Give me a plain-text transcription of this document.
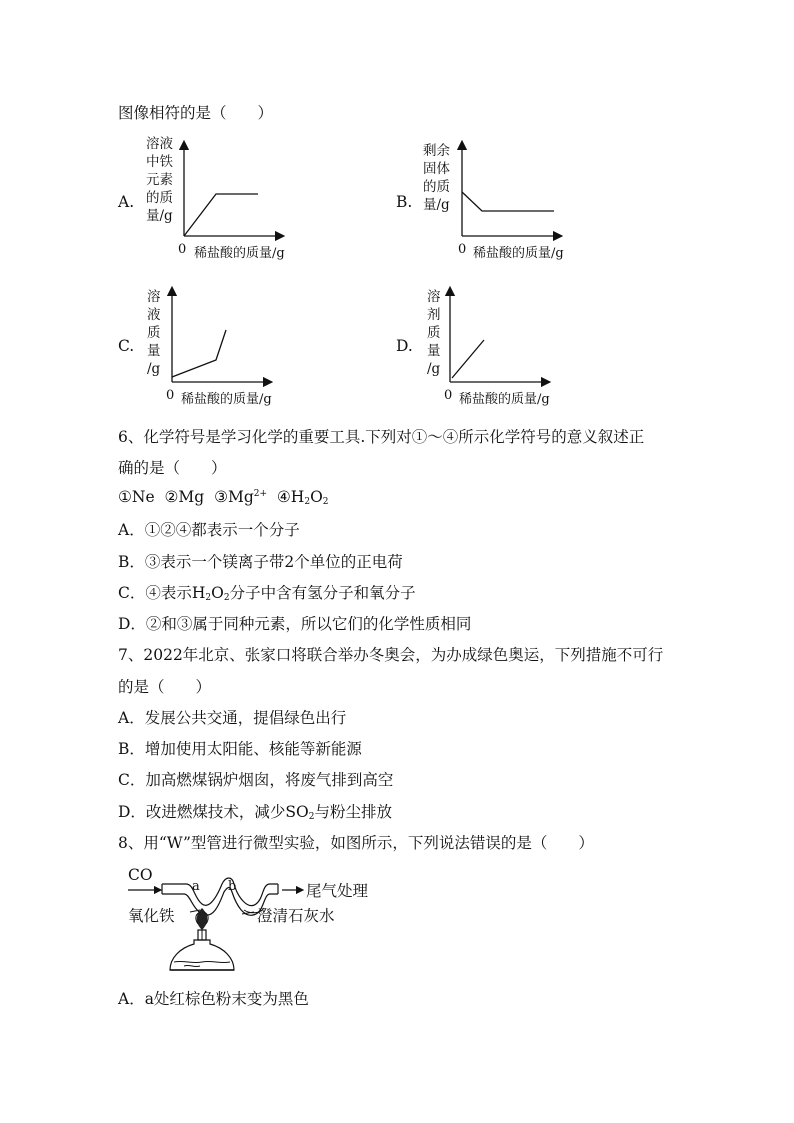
图像相符的是（　　）
A.
溶液
中铁
元素
的质
量/g
0 稀盐酸的质量/g
B.
剩余
固体
的质
量/g
0 稀盐酸的质量/g
C.
溶
液
质
量
/g
0 稀盐酸的质量/g
D.
溶
剂
质
量
/g
0 稀盐酸的质量/g
6、化学符号是学习化学的重要工具.下列对①～④所示化学符号的意义叙述正
确的是（　　）
①Ne ②Mg $③Mg^{2+}$ $④H_2O_2$
A．①②④都表示一个分子
B．③表示一个镁离子带2个单位的正电荷
C．④表示$H_2O_2$分子中含有氢分子和氧分子
D．②和③属于同种元素，所以它们的化学性质相同
7、2022年北京、张家口将联合举办冬奥会，为办成绿色奥运，下列措施不可行
的是（　　）
A．发展公共交通，提倡绿色出行
B．增加使用太阳能、核能等新能源
C．加高燃煤锅炉烟囱，将废气排到高空
D．改进燃煤技术，减少$SO_2$与粉尘排放
8、用“W”型管进行微型实验，如图所示，下列说法错误的是（　　）
CO
a b	尾气处理
氧化铁	澄清石灰水
A．a处红棕色粉末变为黑色
